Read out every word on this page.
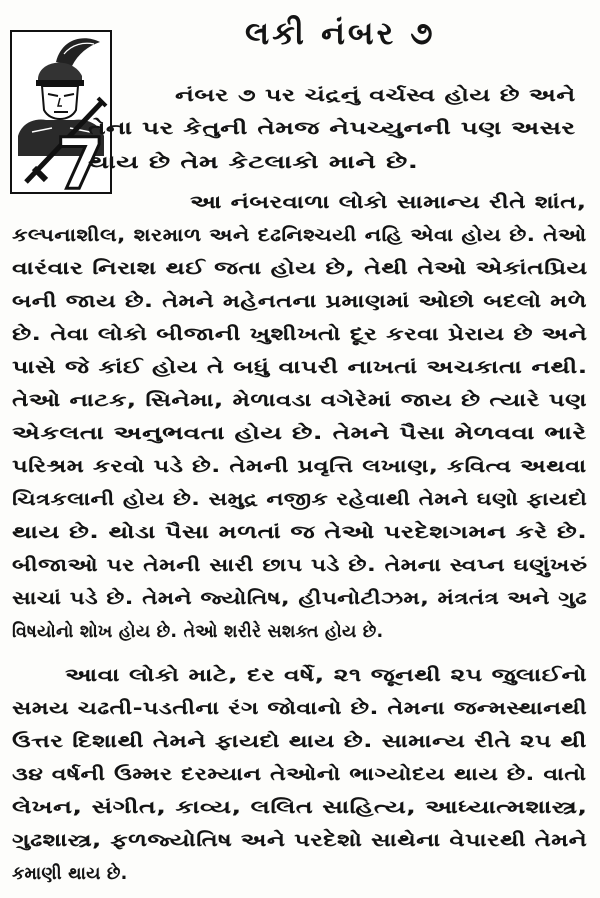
લકી નંબર ૭
7
નંબર ૭ પર ચંદ્રનું વર્ચસ્વ હોય છે અને
તેના પર કેતુની તેમજ નેપચ્યુનની પણ અસર
થાય છે તેમ કેટલાકો માને છે.
આ નંબરવાળા લોકો સામાન્ય રીતે શાંત,
કલ્પનાશીલ, શરમાળ અને દઢનિશ્ચયી નહિ એવા હોય છે. તેઓ
વારંવાર નિરાશ થઈ જતા હોય છે, તેથી તેઓ એકાંતપ્રિય
બની જાય છે. તેમને મહેનતના પ્રમાણમાં ઓછો બદલો મળે
છે. તેવા લોકો બીજાની ખુશીખતો દૂર કરવા પ્રેરાય છે અને
પાસે જે કાંઈ હોય તે બધું વાપરી નાખતાં અચકાતા નથી.
તેઓ નાટક, સિનેમા, મેળાવડા વગેરેમાં જાય છે ત્યારે પણ
એકલતા અનુભવતા હોય છે. તેમને પૈસા મેળવવા ભારે
પરિશ્રમ કરવો પડે છે. તેમની પ્રવૃત્તિ લખાણ, કવિત્વ અથવા
ચિત્રકલાની હોય છે. સમુદ્ર નજીક રહેવાથી તેમને ઘણો ફાયદો
થાય છે. થોડા પૈસા મળતાં જ તેઓ પરદેશગમન કરે છે.
બીજાઓ પર તેમની સારી છાપ પડે છે. તેમના સ્વપ્ન ઘણુંખરું
સાચાં પડે છે. તેમને જ્યોતિષ, હીપનોટીઝમ, મંત્રતંત્ર અને ગુઢ
વિષયોનો શોખ હોય છે. તેઓ શરીરે સશક્ત હોય છે.
આવા લોકો માટે, દર વર્ષે, ૨૧ જૂનથી ૨૫ જુલાઈનો
સમય ચઢતી-પડતીના રંગ જોવાનો છે. તેમના જન્મસ્થાનથી
ઉત્તર દિશાથી તેમને ફાયદો થાય છે. સામાન્ય રીતે ૨૫ થી
૩૪ વર્ષની ઉમ્મર દરમ્યાન તેઓનો ભાગ્યોદય થાય છે. વાતો
લેખન, સંગીત, કાવ્ય, લલિત સાહિત્ય, આધ્યાત્મશાસ્ત્ર,
ગુઢશાસ્ત્ર, ફળજ્યોતિષ અને પરદેશો સાથેના વેપારથી તેમને
કમાણી થાય છે.
